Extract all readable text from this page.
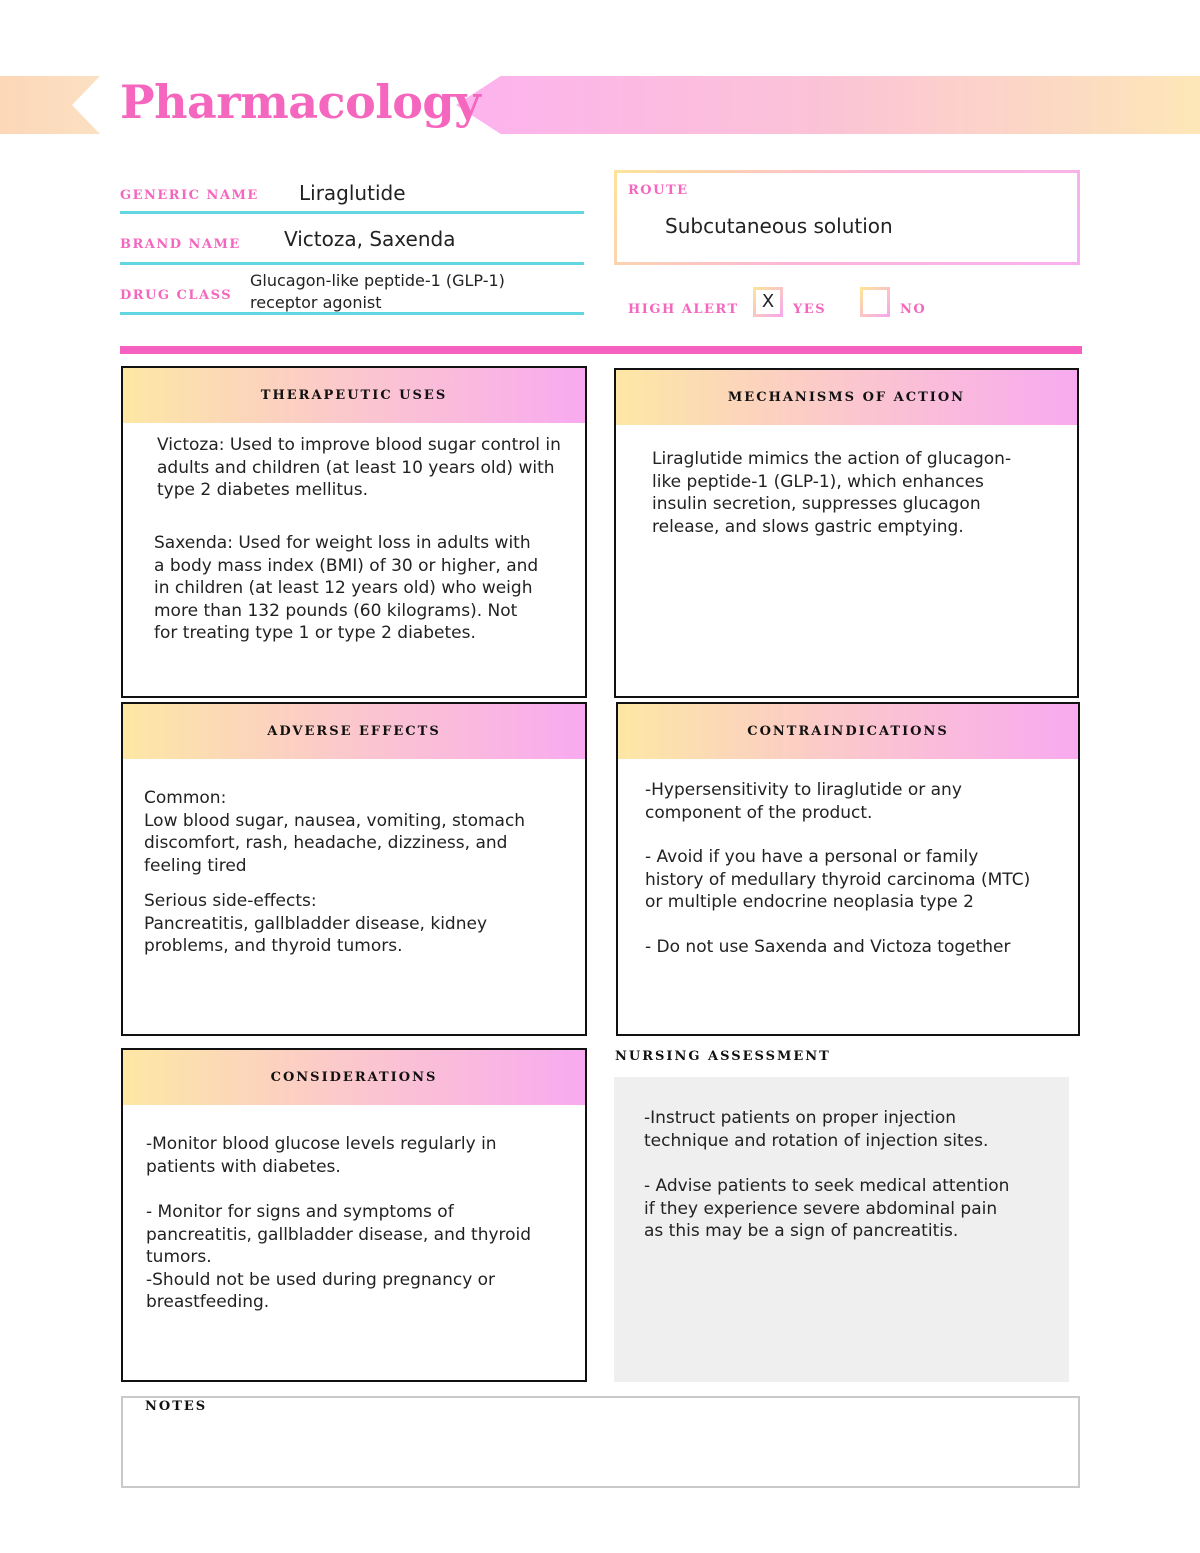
Pharmacology
GENERIC NAME Liraglutide
BRAND NAME Victoza, Saxenda
DRUG CLASS
Glucagon-like peptide-1 (GLP-1)
receptor agonist
ROUTE
Subcutaneous solution
HIGH ALERT	X	YES	NO
THERAPEUTIC USES
Victoza: Used to improve blood sugar control in
adults and children (at least 10 years old) with
type 2 diabetes mellitus.
Saxenda: Used for weight loss in adults with
a body mass index (BMI) of 30 or higher, and
in children (at least 12 years old) who weigh
more than 132 pounds (60 kilograms). Not
for treating type 1 or type 2 diabetes.
MECHANISMS OF ACTION
Liraglutide mimics the action of glucagon-
like peptide-1 (GLP-1), which enhances
insulin secretion, suppresses glucagon
release, and slows gastric emptying.
ADVERSE EFFECTS
Common:
Low blood sugar, nausea, vomiting, stomach
discomfort, rash, headache, dizziness, and
feeling tired
Serious side-effects:
Pancreatitis, gallbladder disease, kidney
problems, and thyroid tumors.
CONTRAINDICATIONS
-Hypersensitivity to liraglutide or any
component of the product.
- Avoid if you have a personal or family
history of medullary thyroid carcinoma (MTC)
or multiple endocrine neoplasia type 2
- Do not use Saxenda and Victoza together
CONSIDERATIONS
-Monitor blood glucose levels regularly in
patients with diabetes.
- Monitor for signs and symptoms of
pancreatitis, gallbladder disease, and thyroid
tumors.
-Should not be used during pregnancy or
breastfeeding.
NURSING ASSESSMENT
-Instruct patients on proper injection
technique and rotation of injection sites.
- Advise patients to seek medical attention
if they experience severe abdominal pain
as this may be a sign of pancreatitis.
NOTES
